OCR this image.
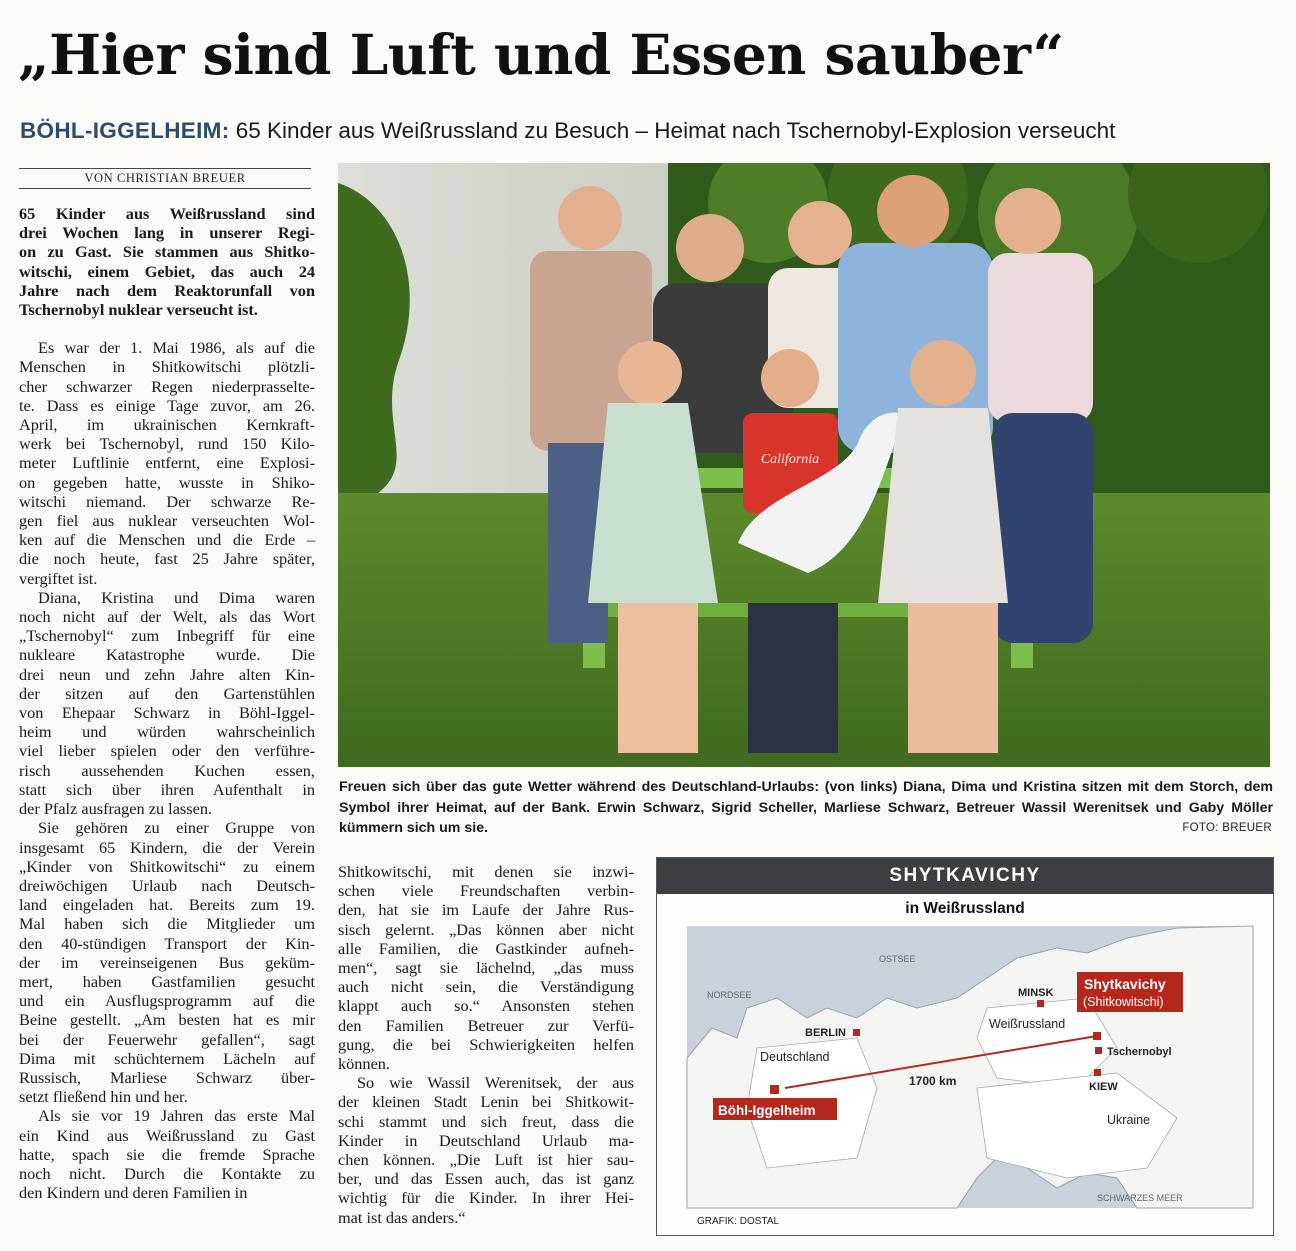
„Hier sind Luft und Essen sauber“
BÖHL-IGGELHEIM: 65 Kinder aus Weißrussland zu Besuch – Heimat nach Tschernobyl-Explosion verseucht
VON CHRISTIAN BREUER
65 Kinder aus Weißrussland sind
drei Wochen lang in unserer Regi-
on zu Gast. Sie stammen aus Shitko-
witschi, einem Gebiet, das auch 24
Jahre nach dem Reaktorunfall von
Tschernobyl nuklear verseucht ist.
Es war der 1. Mai 1986, als auf die
Menschen in Shitkowitschi plötzli-
cher schwarzer Regen niederprasselte-
te. Dass es einige Tage zuvor, am 26.
April, im ukrainischen Kernkraft-
werk bei Tschernobyl, rund 150 Kilo-
meter Luftlinie entfernt, eine Explosi-
on gegeben hatte, wusste in Shiko-
witschi niemand. Der schwarze Re-
gen fiel aus nuklear verseuchten Wol-
ken auf die Menschen und die Erde –
die noch heute, fast 25 Jahre später,
vergiftet ist.
Diana, Kristina und Dima waren
noch nicht auf der Welt, als das Wort
„Tschernobyl“ zum Inbegriff für eine
nukleare Katastrophe wurde. Die
drei neun und zehn Jahre alten Kin-
der sitzen auf den Gartenstühlen
von Ehepaar Schwarz in Böhl-Iggel-
heim und würden wahrscheinlich
viel lieber spielen oder den verführe-
risch aussehenden Kuchen essen,
statt sich über ihren Aufenthalt in
der Pfalz ausfragen zu lassen.
Sie gehören zu einer Gruppe von
insgesamt 65 Kindern, die der Verein
„Kinder von Shitkowitschi“ zu einem
dreiwöchigen Urlaub nach Deutsch-
land eingeladen hat. Bereits zum 19.
Mal haben sich die Mitglieder um
den 40-stündigen Transport der Kin-
der im vereinseigenen Bus geküm-
mert, haben Gastfamilien gesucht
und ein Ausflugsprogramm auf die
Beine gestellt. „Am besten hat es mir
bei der Feuerwehr gefallen“, sagt
Dima mit schüchternem Lächeln auf
Russisch, Marliese Schwarz über-
setzt fließend hin und her.
Als sie vor 19 Jahren das erste Mal
ein Kind aus Weißrussland zu Gast
hatte, spach sie die fremde Sprache
noch nicht. Durch die Kontakte zu
den Kindern und deren Familien in
California
Freuen sich über das gute Wetter während des Deutschland-Urlaubs: (von links) Diana, Dima und Kristina sitzen mit dem Storch, dem Symbol ihrer Heimat, auf der Bank. Erwin Schwarz, Sigrid Scheller, Marliese Schwarz, Betreuer Wassil Werenitsek und Gaby Möller kümmern sich um sie.	FOTO: BREUER
Shitkowitschi, mit denen sie inzwi-
schen viele Freundschaften verbin-
den, hat sie im Laufe der Jahre Rus-
sisch gelernt. „Das können aber nicht
alle Familien, die Gastkinder aufneh-
men“, sagt sie lächelnd, „das muss
auch nicht sein, die Verständigung
klappt auch so.“ Ansonsten stehen
den Familien Betreuer zur Verfü-
gung, die bei Schwierigkeiten helfen
können.
So wie Wassil Werenitsek, der aus
der kleinen Stadt Lenin bei Shitkowit-
schi stammt und sich freut, dass die
Kinder in Deutschland Urlaub ma-
chen können. „Die Luft ist hier sau-
ber, und das Essen auch, das ist ganz
wichtig für die Kinder. In ihrer Hei-
mat ist das anders.“
SHYTKAVICHY
in Weißrussland
NORDSEE
OSTSEE
BERLIN
Deutschland
MINSK
Weißrussland
Shytkavichy
(Shitkowitschi)
Tschernobyl
KIEW
Ukraine
Böhl-Iggelheim
1700 km
SCHWARZES MEER
GRAFIK: DOSTAL
